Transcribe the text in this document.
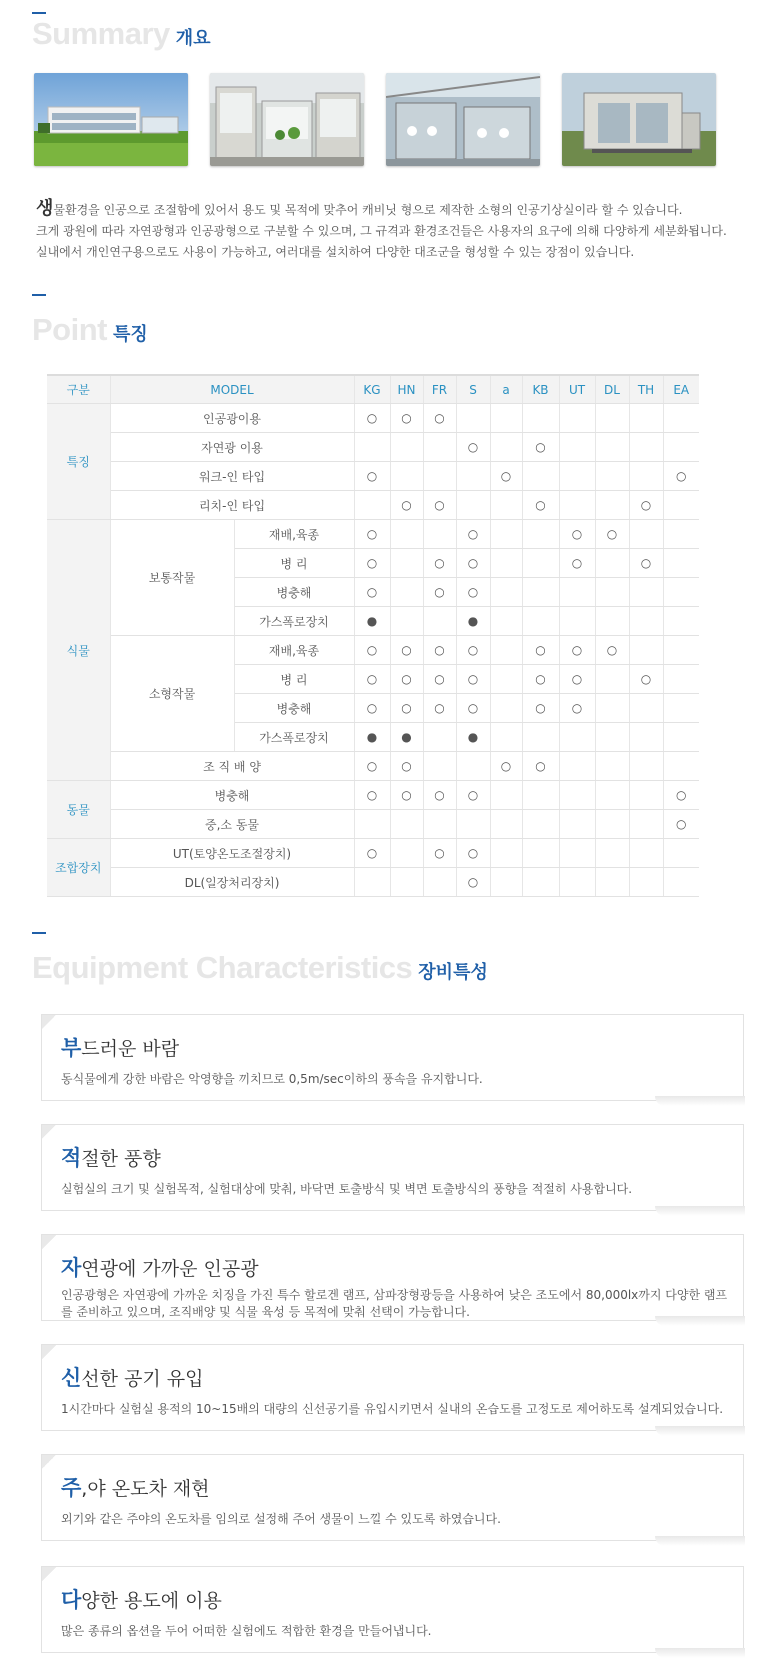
Summary 개요
생물환경을 인공으로 조절함에 있어서 용도 및 목적에 맞추어 캐비닛 형으로 제작한 소형의 인공기상실이라 할 수 있습니다.
크게 광원에 따라 자연광형과 인공광형으로 구분할 수 있으며, 그 규격과 환경조건들은 사용자의 요구에 의해 다양하게 세분화됩니다.
실내에서 개인연구용으로도 사용이 가능하고, 여러대를 설치하여 다양한 대조군을 형성할 수 있는 장점이 있습니다.
Point 특징
구분	MODEL		KG	HN	FR	S	a	KB	UT	DL	TH	EA
특징	인공광이용		○	○	○							
	자연광 이용					○		○				
	워크-인 타입		○				○					○
	리치-인 타입			○	○			○			○	
식물	보통작물	재배,육종	○			○			○	○		
		병 리	○		○	○			○		○	
		병충해	○		○	○						
		가스폭로장치	●			●						
	소형작물	재배,육종	○	○	○	○		○	○	○		
		병 리	○	○	○	○		○	○		○	
		병충해	○	○	○	○		○	○			
		가스폭로장치	●	●		●						
	조 직 배 양		○	○			○	○				
동물	병충해		○	○	○	○						○
	중,소 동물											○
조합장치	UT(토양온도조절장치)		○		○	○						
	DL(일장처리장치)					○						
Equipment Characteristics 장비특성
부드러운 바람
동식물에게 강한 바람은 악영향을 끼치므로 0,5m/sec이하의 풍속을 유지합니다.
적절한 풍향
실험실의 크기 및 실험목적, 실험대상에 맞춰, 바닥면 토출방식 및 벽면 토출방식의 풍향을 적절히 사용합니다.
자연광에 가까운 인공광
인공광형은 자연광에 가까운 치징을 가진 특수 할로겐 램프, 삼파장형광등을 사용하여 낮은 조도에서 80,000lx까지 다양한 램프를 준비하고 있으며, 조직배양 및 식물 육성 등 목적에 맞춰 선택이 가능합니다.
신선한 공기 유입
1시간마다 실험실 용적의 10~15배의 대량의 신선공기를 유입시키면서 실내의 온습도를 고정도로 제어하도록 설계되었습니다.
주,야 온도차 재현
외기와 같은 주야의 온도차를 임의로 설정해 주어 생물이 느낄 수 있도록 하였습니다.
다양한 용도에 이용
많은 종류의 옵션을 두어 어떠한 실험에도 적합한 환경을 만들어냅니다.
